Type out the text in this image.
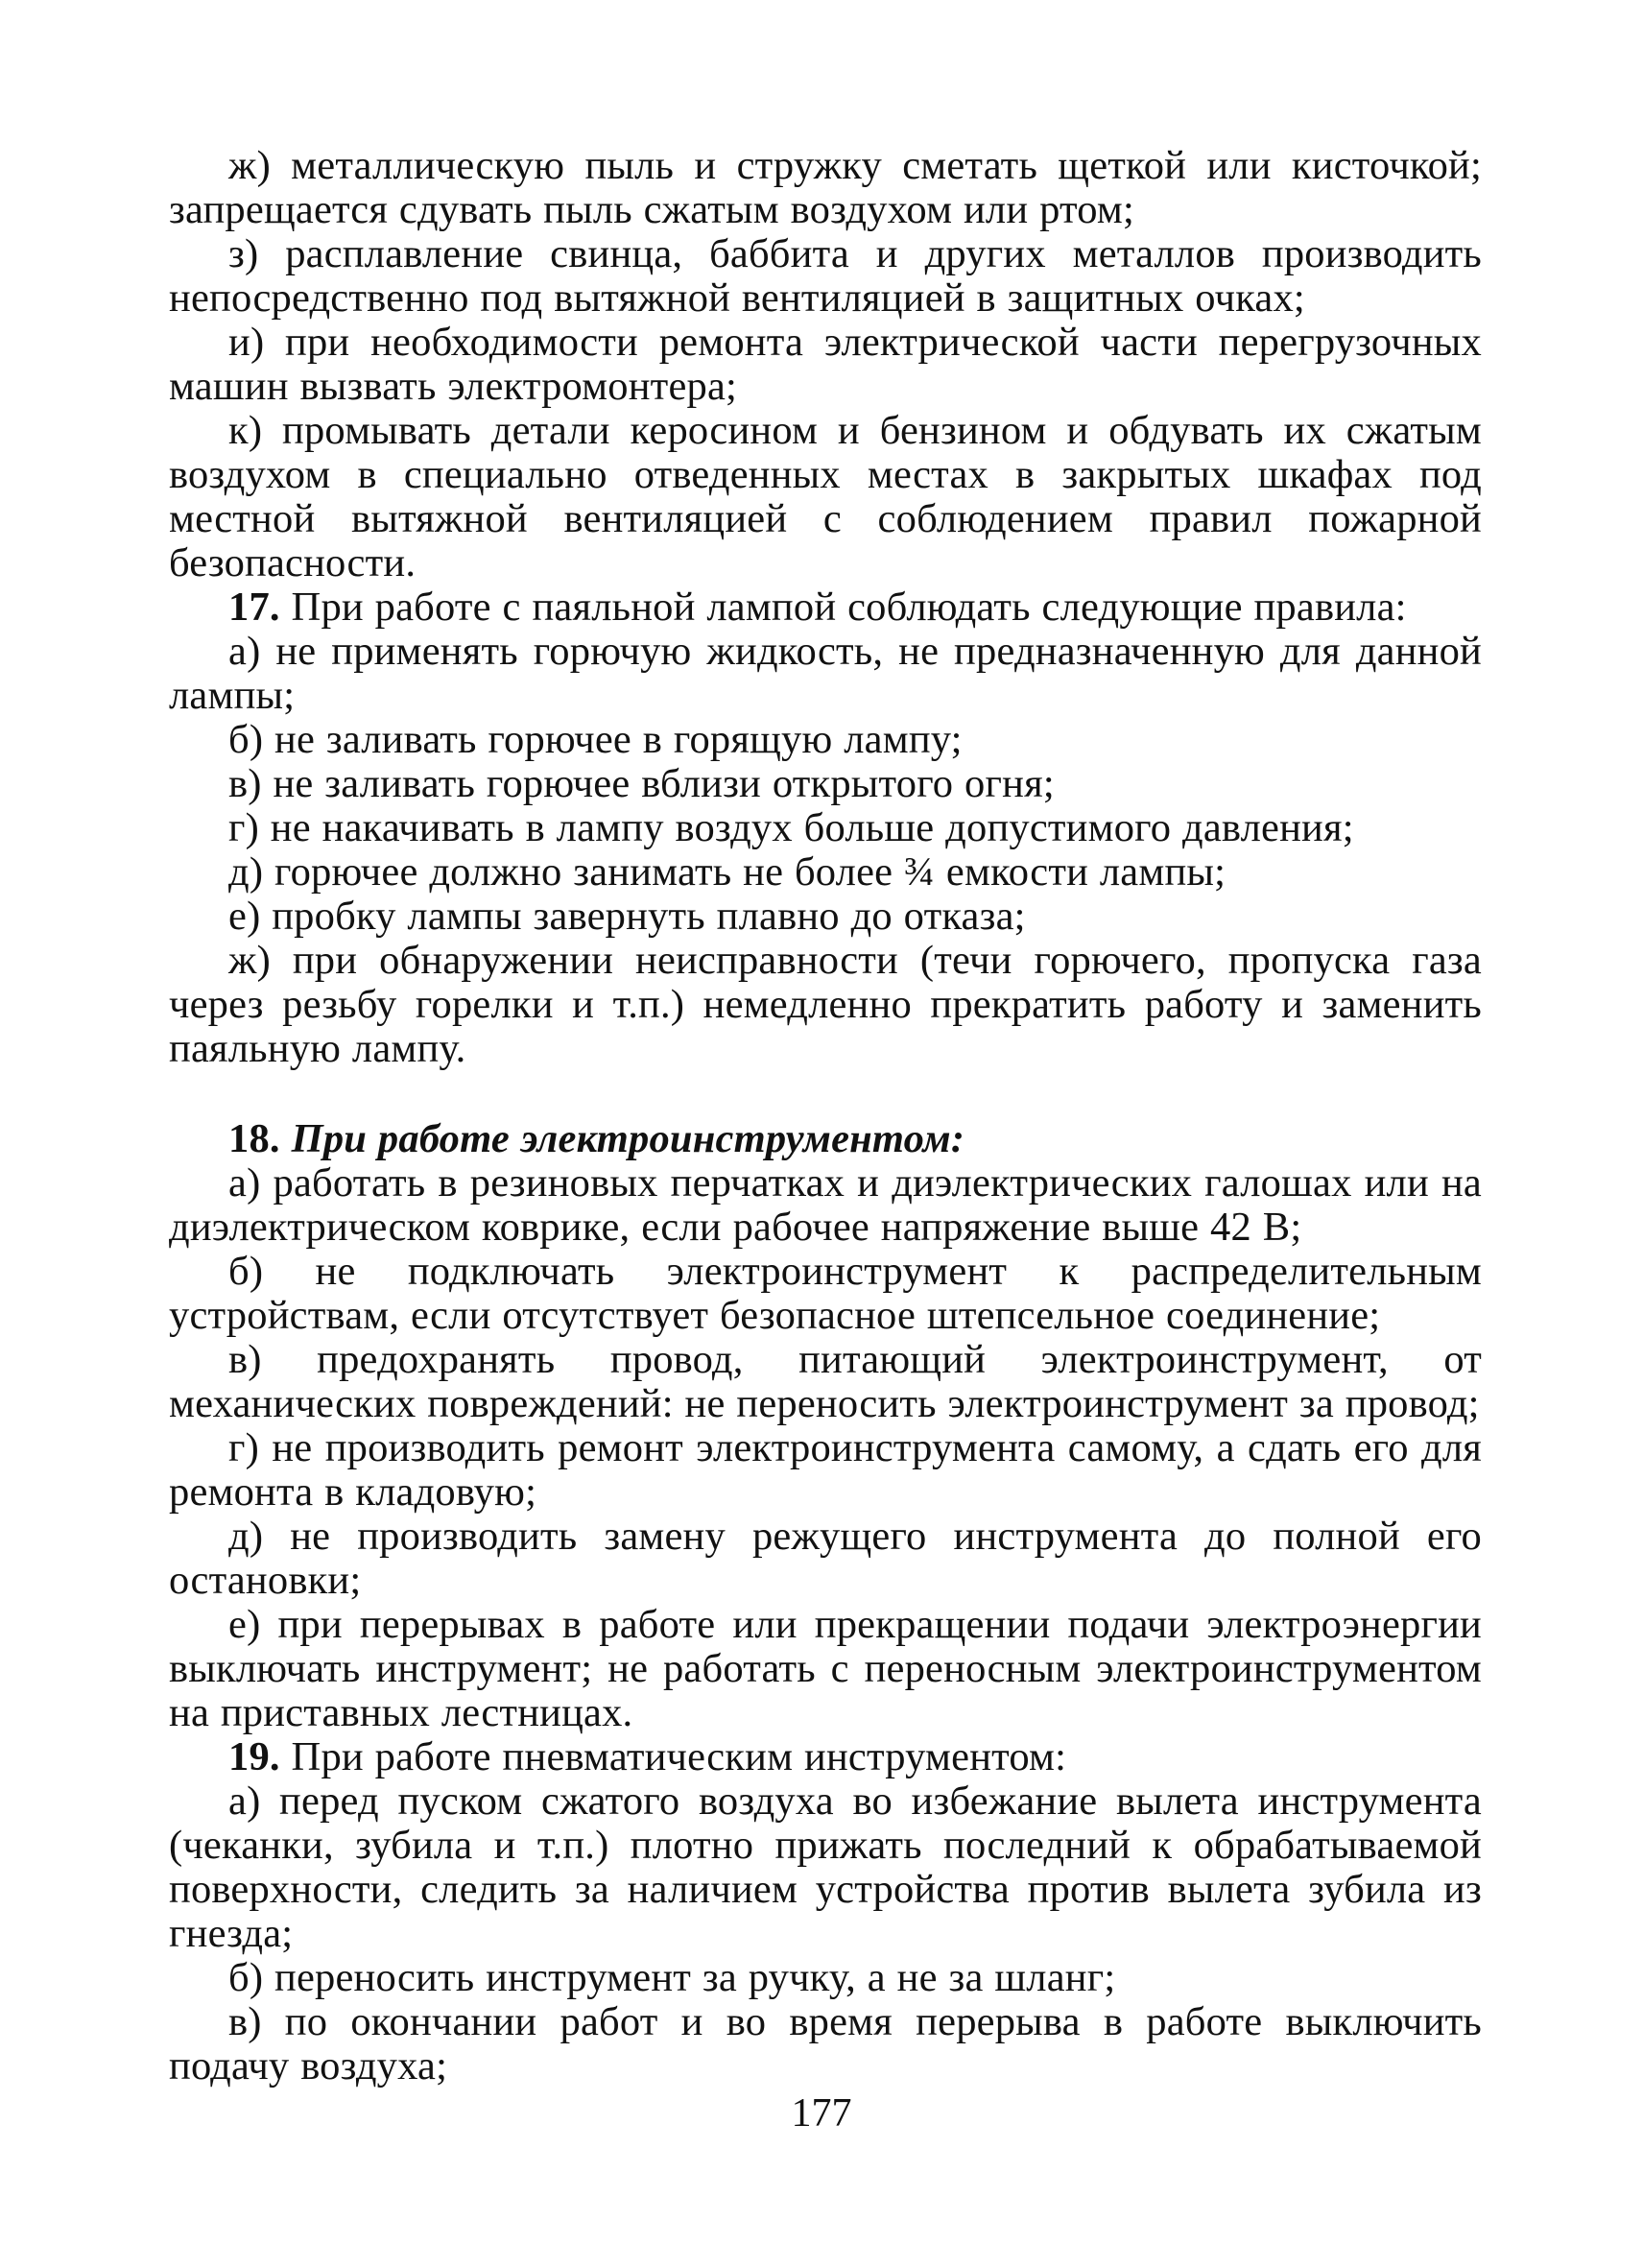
ж) металлическую пыль и стружку сметать щеткой или кисточкой; запрещается сдувать пыль сжатым воздухом или ртом;

з) расплавление свинца, баббита и других металлов производить непосредственно под вытяжной вентиляцией в защитных очках;

и) при необходимости ремонта электрической части перегрузочных машин вызвать электромонтера;

к) промывать детали керосином и бензином и обдувать их сжатым воздухом в специально отведенных местах в закрытых шкафах под местной вытяжной вентиляцией с соблюдением правил пожарной безопасности.

17. При работе с паяльной лампой соблюдать следующие правила:

а) не применять горючую жидкость, не предназначенную для данной лампы;

б) не заливать горючее в горящую лампу;

в) не заливать горючее вблизи открытого огня;

г) не накачивать в лампу воздух больше допустимого давления;

д) горючее должно занимать не более ¾ емкости лампы;

е) пробку лампы завернуть плавно до отказа;

ж) при обнаружении неисправности (течи горючего, пропуска газа через резьбу горелки и т.п.) немедленно прекратить работу и заменить паяльную лампу.

18. При работе электроинструментом:

а) работать в резиновых перчатках и диэлектрических галошах или на диэлектрическом коврике, если рабочее напряжение выше 42 В;

б) не подключать электроинструмент к распределительным устройствам, если отсутствует безопасное штепсельное соединение;

в) предохранять провод, питающий электроинструмент, от механических повреждений: не переносить электроинструмент за провод;

г) не производить ремонт электроинструмента самому, а сдать его для ремонта в кладовую;

д) не производить замену режущего инструмента до полной его остановки;

е) при перерывах в работе или прекращении подачи электроэнергии выключать инструмент; не работать с переносным электроинструментом на приставных лестницах.

19. При работе пневматическим инструментом:

а) перед пуском сжатого воздуха во избежание вылета инструмента (чеканки, зубила и т.п.) плотно прижать последний к обрабатываемой поверхности, следить за наличием устройства против вылета зубила из гнезда;

б) переносить инструмент за ручку, а не за шланг;

в) по окончании работ и во время перерыва в работе выключить подачу воздуха;

177
